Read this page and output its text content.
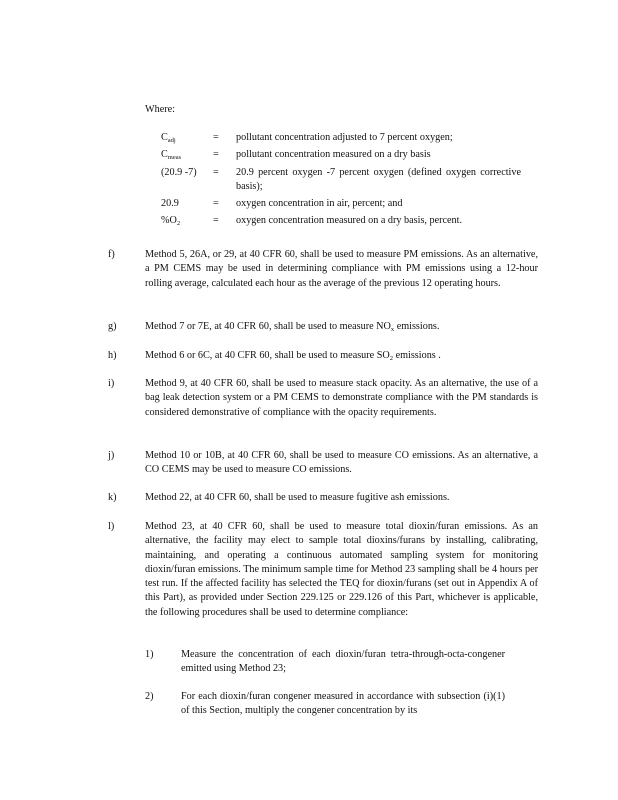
Where:
$C_{adj}$	=	pollutant concentration adjusted to 7 percent oxygen;
$C_{meas}$	=	pollutant concentration measured on a dry basis
(20.9 -7)	=	20.9 percent oxygen -7 percent oxygen (defined oxygen corrective basis);
20.9	=	oxygen concentration in air, percent; and
$\%O_2$	=	oxygen concentration measured on a dry basis, percent.
f)	Method 5, 26A, or 29, at 40 CFR 60, shall be used to measure PM emissions. As an alternative, a PM CEMS may be used in determining compliance with PM emissions using a 12-hour rolling average, calculated each hour as the average of the previous 12 operating hours.
g)	Method 7 or 7E, at 40 CFR 60, shall be used to measure $NO_x$ emissions.
h)	Method 6 or 6C, at 40 CFR 60, shall be used to measure $SO_2$ emissions .
i)	Method 9, at 40 CFR 60, shall be used to measure stack opacity. As an alternative, the use of a bag leak detection system or a PM CEMS to demonstrate compliance with the PM standards is considered demonstrative of compliance with the opacity requirements.
j)	Method 10 or 10B, at 40 CFR 60, shall be used to measure CO emissions. As an alternative, a CO CEMS may be used to measure CO emissions.
k)	Method 22, at 40 CFR 60, shall be used to measure fugitive ash emissions.
l)	Method 23, at 40 CFR 60, shall be used to measure total dioxin/furan emissions. As an alternative, the facility may elect to sample total dioxins/furans by installing, calibrating, maintaining, and operating a continuous automated sampling system for monitoring dioxin/furan emissions. The minimum sample time for Method 23 sampling shall be 4 hours per test run. If the affected facility has selected the TEQ for dioxin/furans (set out in Appendix A of this Part), as provided under Section 229.125 or 229.126 of this Part, whichever is applicable, the following procedures shall be used to determine compliance:
1)	Measure the concentration of each dioxin/furan tetra-through-octa-congener emitted using Method 23;
2)	For each dioxin/furan congener measured in accordance with subsection (i)(1) of this Section, multiply the congener concentration by its
